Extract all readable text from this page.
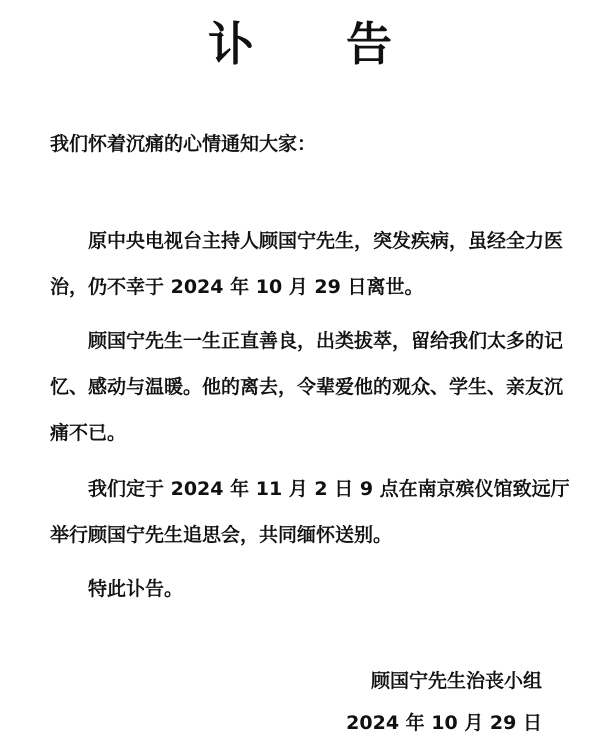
讣 告
我们怀着沉痛的心情通知大家：
原中央电视台主持人顾国宁先生，突发疾病，虽经全力医治，仍不幸于 2024 年 10 月 29 日离世。
顾国宁先生一生正直善良，出类拔萃，留给我们太多的记忆、感动与温暖。他的离去，令辈爱他的观众、学生、亲友沉痛不已。
我们定于 2024 年 11 月 2 日 9 点在南京殡仪馆致远厅举行顾国宁先生追思会，共同缅怀送别。
特此讣告。
顾国宁先生治丧小组
2024 年 10 月 29 日
